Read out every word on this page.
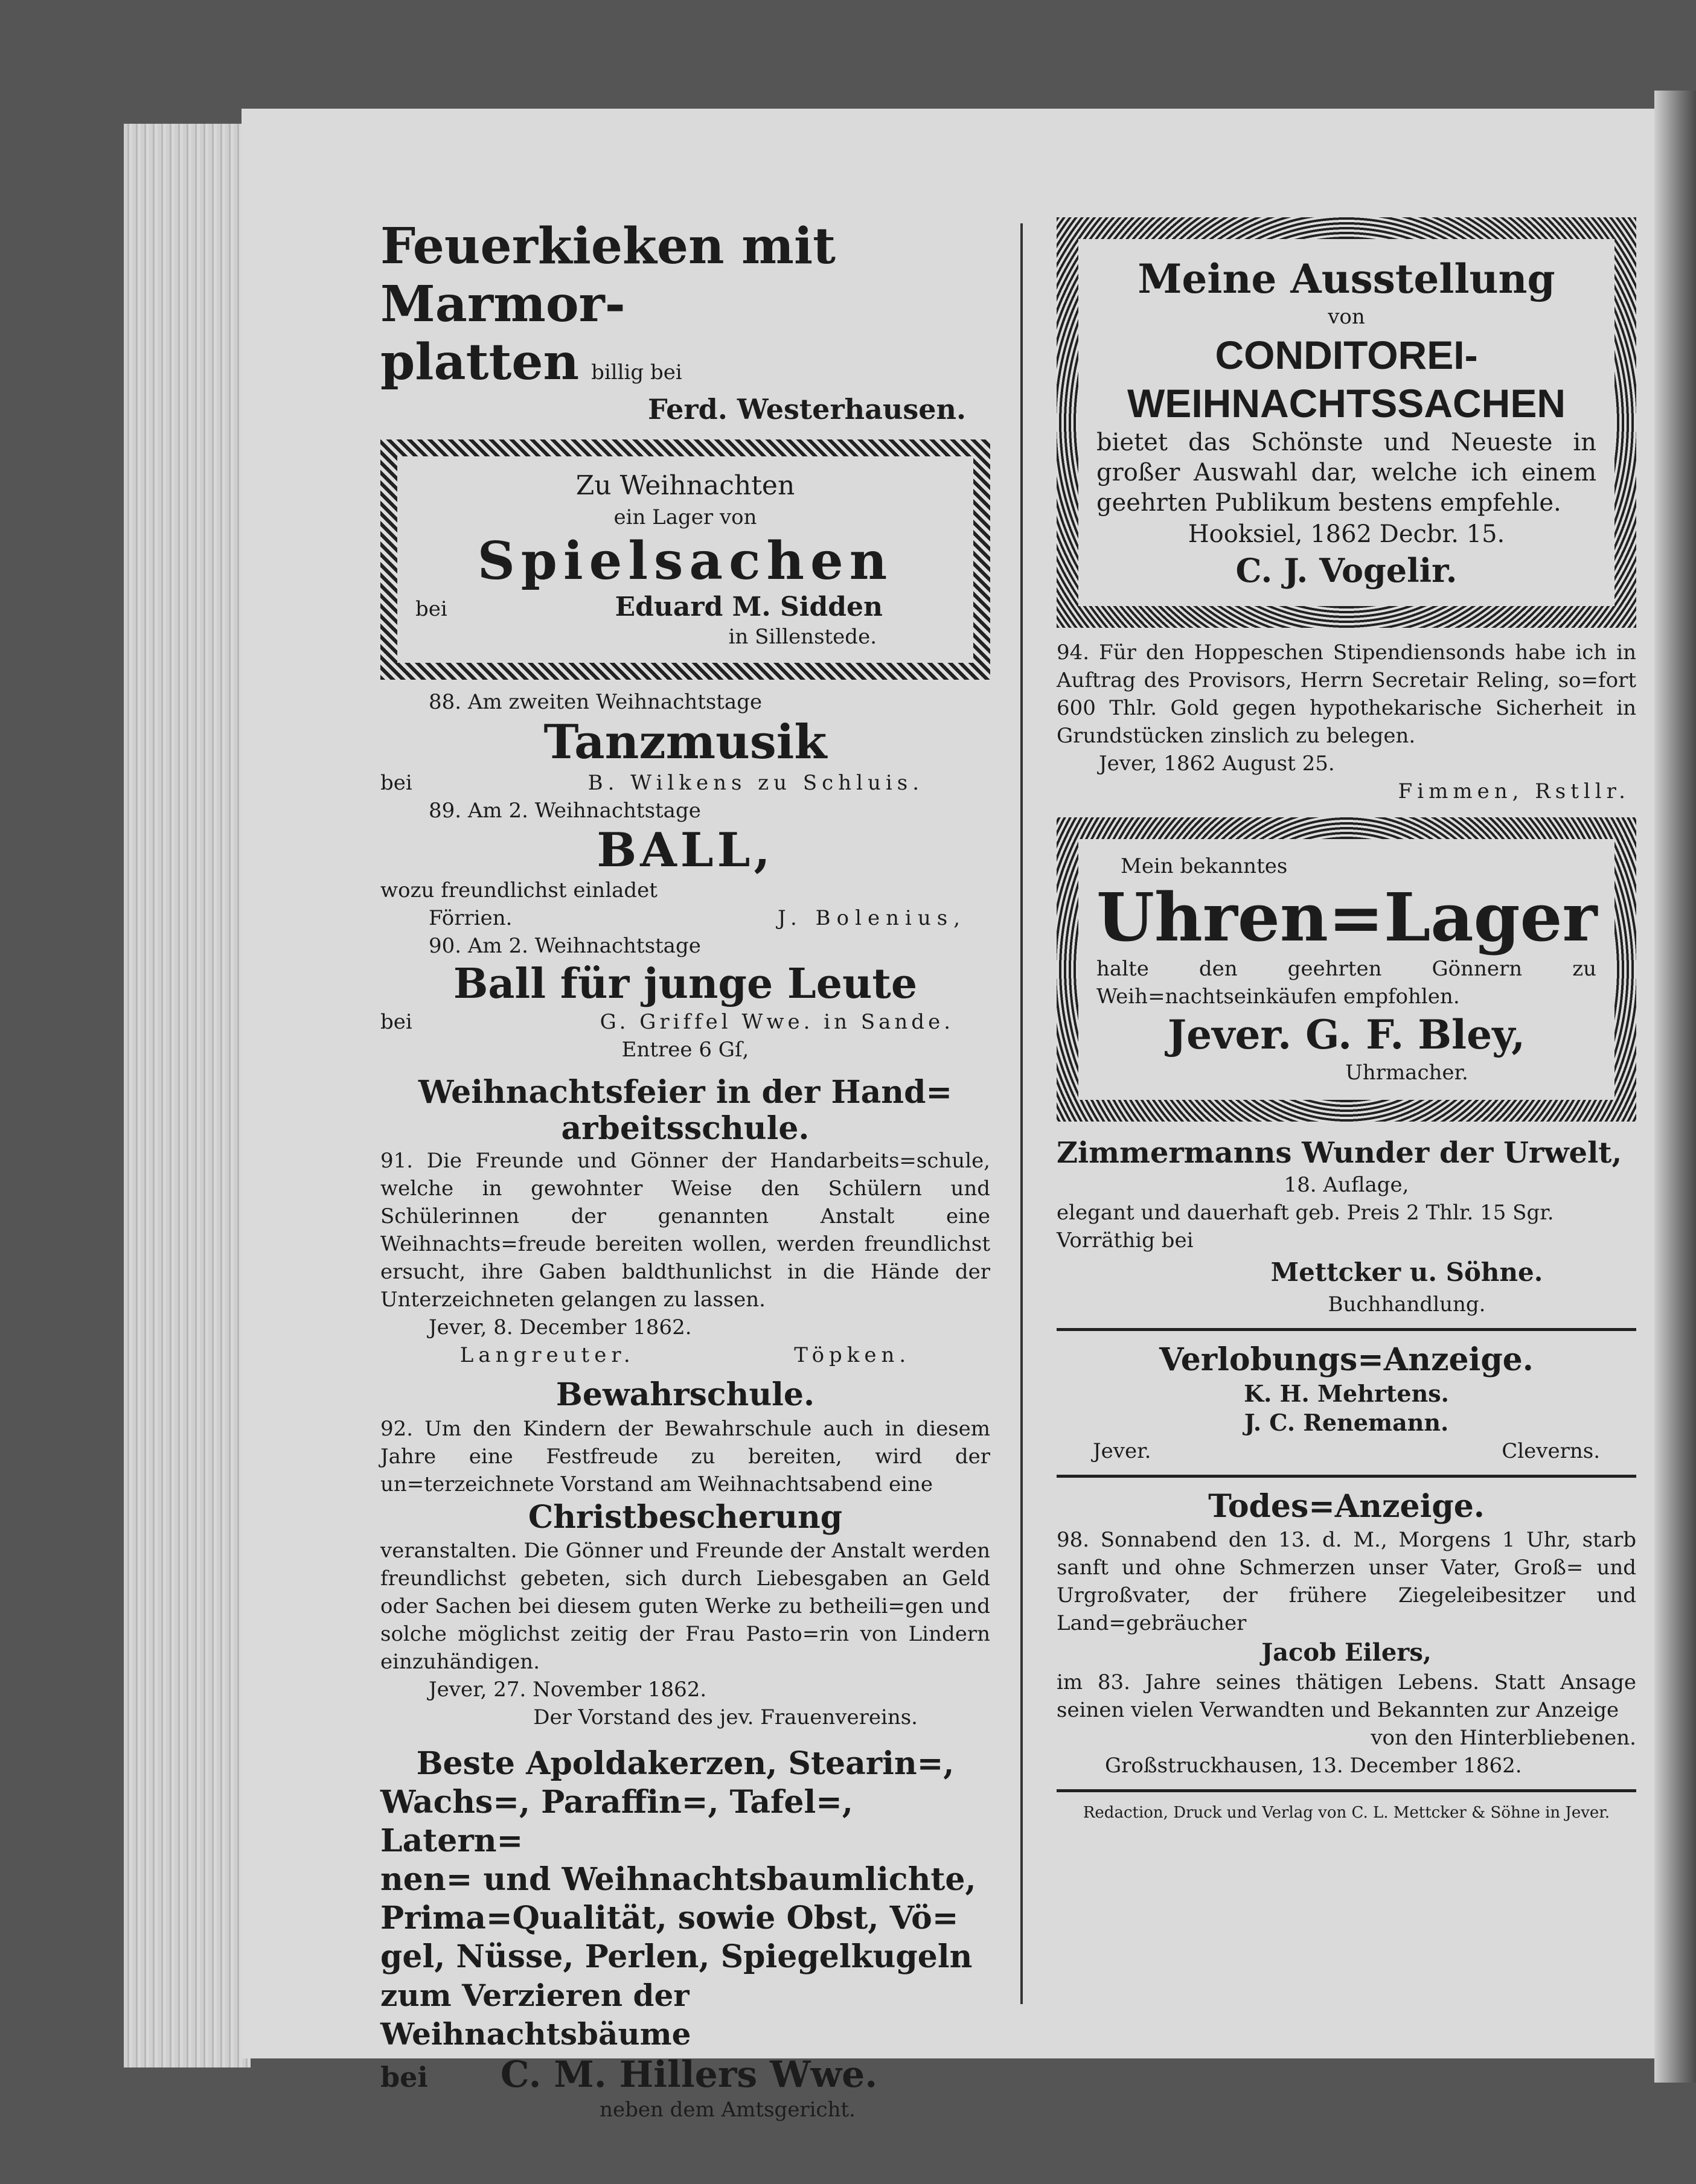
Feuerkieken mit Marmor-
platten billig bei
Ferd. Westerhausen.
Zu Weihnachten
ein Lager von
Spielsachen
bei	Eduard M. Sidden
in Sillenstede.
88. Am zweiten Weihnachtstage
Tanzmusik
bei	B. Wilkens zu Schluis.
89. Am 2. Weihnachtstage
BALL,
wozu freundlichst einladet
Förrien.	J. Bolenius,
90. Am 2. Weihnachtstage
Ball für junge Leute
bei	G. Griffel Wwe. in Sande.
Entree 6 Gſ,
Weihnachtsfeier in der Hand=
arbeitsschule.
91. Die Freunde und Gönner der Handarbeits=schule, welche in gewohnter Weise den Schülern und Schülerinnen der genannten Anstalt eine Weihnachts=freude bereiten wollen, werden freundlichst ersucht, ihre Gaben baldthunlichst in die Hände der Unterzeichneten gelangen zu lassen.
Jever, 8. December 1862.
Langreuter.	Töpken.
Bewahrschule.
92. Um den Kindern der Bewahrschule auch in diesem Jahre eine Festfreude zu bereiten, wird der un=terzeichnete Vorstand am Weihnachtsabend eine
Christbescherung
veranstalten. Die Gönner und Freunde der Anstalt werden freundlichst gebeten, sich durch Liebesgaben an Geld oder Sachen bei diesem guten Werke zu betheili=gen und solche möglichst zeitig der Frau Pasto=rin von Lindern einzuhändigen.
Jever, 27. November 1862.
Der Vorstand des jev. Frauenvereins.
Beste Apoldakerzen, Stearin=,
Wachs=, Paraffin=, Tafel=, Latern=
nen= und Weihnachtsbaumlichte,
Prima=Qualität, sowie Obst, Vö=
gel, Nüsse, Perlen, Spiegelkugeln
zum Verzieren der Weihnachtsbäume
bei C. M. Hillers Wwe.
neben dem Amtsgericht.
Meine Ausstellung
von
CONDITOREI-
WEIHNACHTSSACHEN
bietet das Schönste und Neueste in großer Auswahl dar, welche ich einem geehrten Publikum bestens empfehle.
Hooksiel, 1862 Decbr. 15.
C. J. Vogelir.
94. Für den Hoppeschen Stipendiensonds habe ich in Auftrag des Provisors, Herrn Secretair Reling, so=fort 600 Thlr. Gold gegen hypothekarische Sicherheit in Grundstücken zinslich zu belegen.
Jever, 1862 August 25.
Fimmen, Rstllr.
Mein bekanntes
Uhren=Lager
halte den geehrten Gönnern zu Weih=nachtseinkäufen empfohlen.
Jever. G. F. Bley,
Uhrmacher.
Zimmermanns Wunder der Urwelt,
18. Auflage,
elegant und dauerhaft geb. Preis 2 Thlr. 15 Sgr.
Vorräthig bei
Mettcker u. Söhne.
Buchhandlung.
Verlobungs=Anzeige.
K. H. Mehrtens.
J. C. Renemann.
Jever.	Cleverns.
Todes=Anzeige.
98. Sonnabend den 13. d. M., Morgens 1 Uhr, starb sanft und ohne Schmerzen unser Vater, Groß= und Urgroßvater, der frühere Ziegeleibesitzer und Land=gebräucher
Jacob Eilers,
im 83. Jahre seines thätigen Lebens. Statt Ansage seinen vielen Verwandten und Bekannten zur Anzeige
von den Hinterbliebenen.
Großstruckhausen, 13. December 1862.
Redaction, Druck und Verlag von C. L. Mettcker & Söhne in Jever.
